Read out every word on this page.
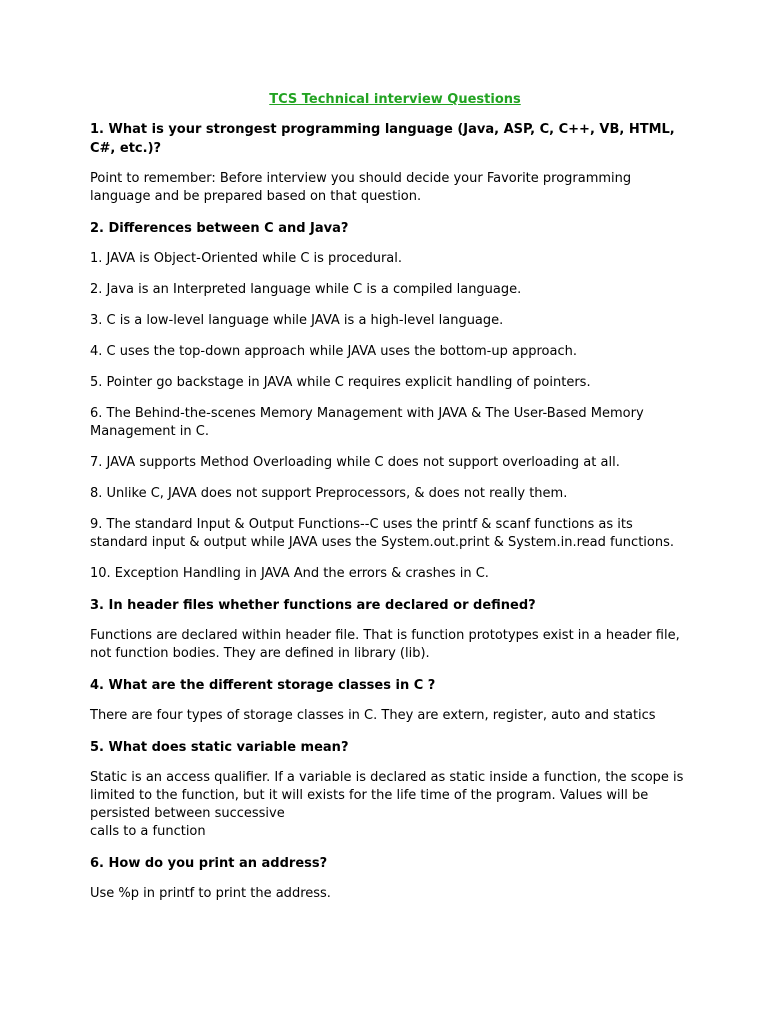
TCS Technical interview Questions
1. What is your strongest programming language (Java, ASP, C, C++, VB, HTML, C#, etc.)?
Point to remember: Before interview you should decide your Favorite programming language and be prepared based on that question.
2. Differences between C and Java?
1. JAVA is Object-Oriented while C is procedural.
2. Java is an Interpreted language while C is a compiled language.
3. C is a low-level language while JAVA is a high-level language.
4. C uses the top-down approach while JAVA uses the bottom-up approach.
5. Pointer go backstage in JAVA while C requires explicit handling of pointers.
6. The Behind-the-scenes Memory Management with JAVA & The User-Based Memory Management in C.
7. JAVA supports Method Overloading while C does not support overloading at all.
8. Unlike C, JAVA does not support Preprocessors, & does not really them.
9. The standard Input & Output Functions--C uses the printf & scanf functions as its standard input & output while JAVA uses the System.out.print & System.in.read functions.
10. Exception Handling in JAVA And the errors & crashes in C.
3. In header files whether functions are declared or defined?
Functions are declared within header file. That is function prototypes exist in a header file, not function bodies. They are defined in library (lib).
4. What are the different storage classes in C ?
There are four types of storage classes in C. They are extern, register, auto and statics
5. What does static variable mean?
Static is an access qualifier. If a variable is declared as static inside a function, the scope is limited to the function, but it will exists for the life time of the program. Values will be persisted between successive
calls to a function
6. How do you print an address?
Use %p in printf to print the address.
